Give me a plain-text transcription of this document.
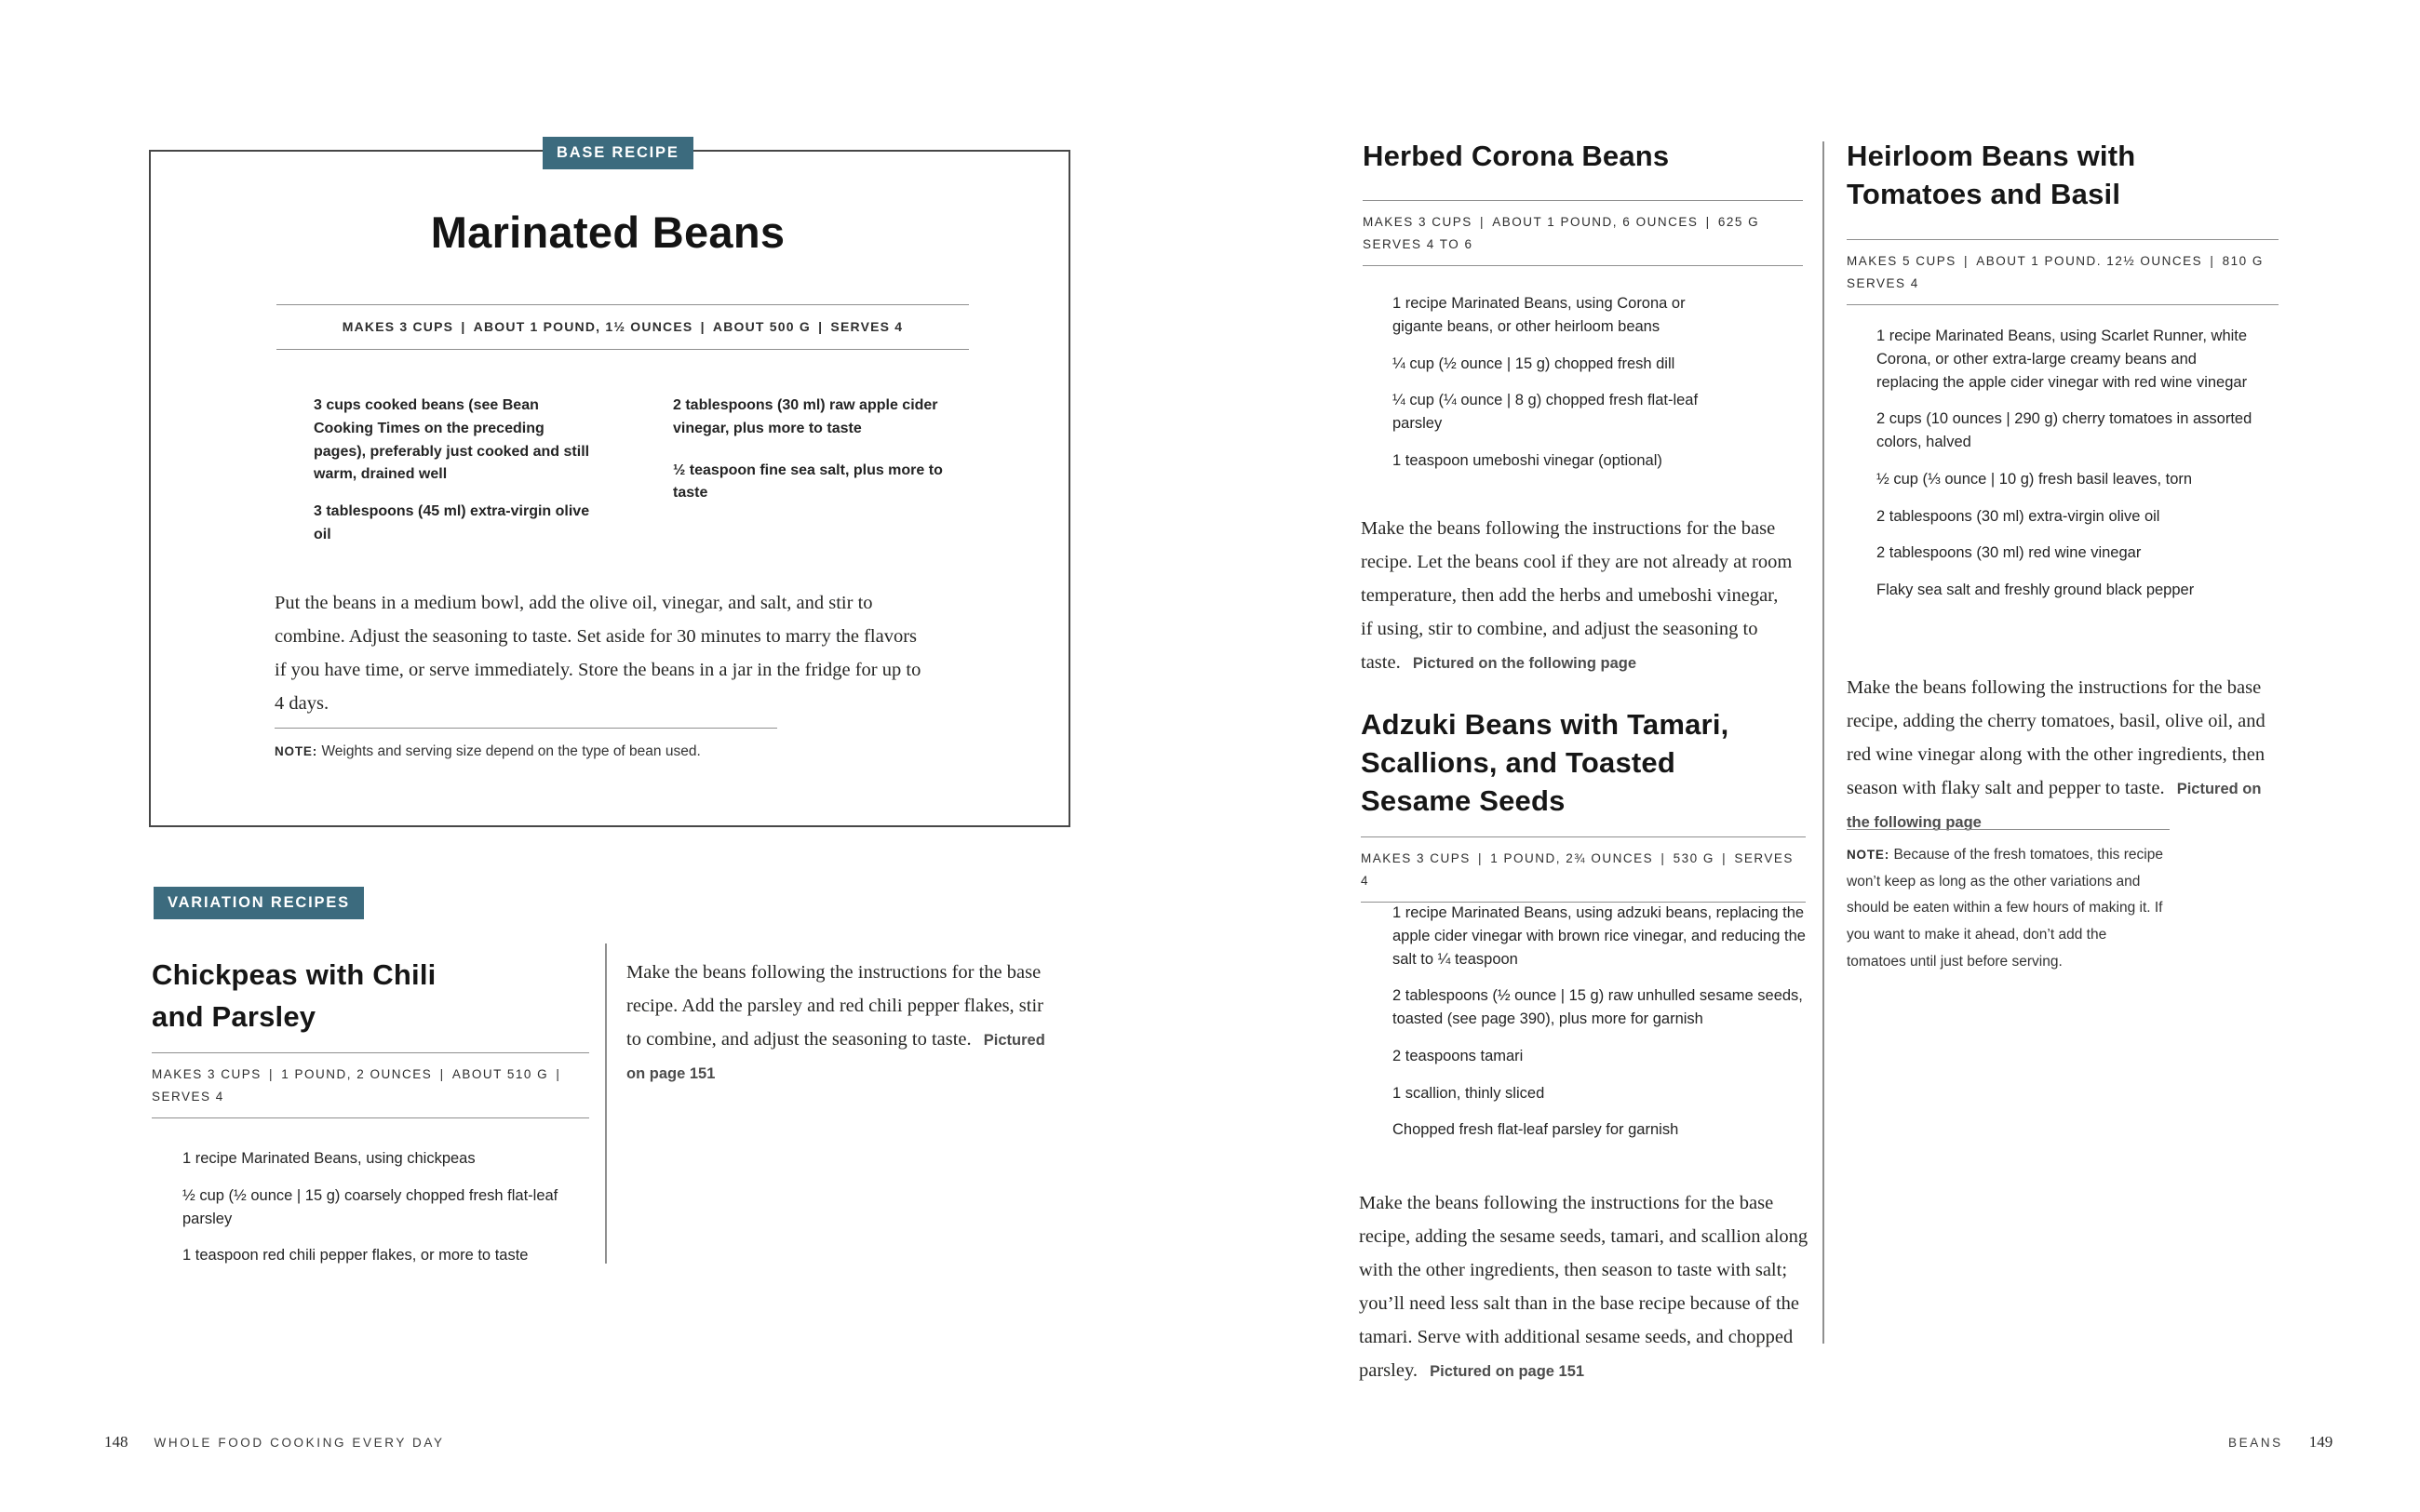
BASE RECIPE
Marinated Beans
MAKES 3 CUPS | ABOUT 1 POUND, 1½ OUNCES | ABOUT 500 G | SERVES 4
3 cups cooked beans (see Bean Cooking Times on the preceding pages), preferably just cooked and still warm, drained well
3 tablespoons (45 ml) extra-virgin olive oil
2 tablespoons (30 ml) raw apple cider vinegar, plus more to taste
½ teaspoon fine sea salt, plus more to taste
Put the beans in a medium bowl, add the olive oil, vinegar, and salt, and stir to combine. Adjust the seasoning to taste. Set aside for 30 minutes to marry the flavors if you have time, or serve immediately. Store the beans in a jar in the fridge for up to 4 days.
NOTE: Weights and serving size depend on the type of bean used.
VARIATION RECIPES
Chickpeas with Chili
and Parsley
MAKES 3 CUPS | 1 POUND, 2 OUNCES | ABOUT 510 G |
SERVES 4
1 recipe Marinated Beans, using chickpeas
½ cup (½ ounce | 15 g) coarsely chopped fresh flat-leaf parsley
1 teaspoon red chili pepper flakes, or more to taste
Make the beans following the instructions for the base recipe. Add the parsley and red chili pepper flakes, stir to combine, and adjust the seasoning to taste. Pictured on page 151
148 WHOLE FOOD COOKING EVERY DAY
Herbed Corona Beans
MAKES 3 CUPS | ABOUT 1 POUND, 6 OUNCES | 625 G
SERVES 4 TO 6
1 recipe Marinated Beans, using Corona or gigante beans, or other heirloom beans
¼ cup (½ ounce | 15 g) chopped fresh dill
¼ cup (¼ ounce | 8 g) chopped fresh flat-leaf parsley
1 teaspoon umeboshi vinegar (optional)
Make the beans following the instructions for the base recipe. Let the beans cool if they are not already at room temperature, then add the herbs and umeboshi vinegar, if using, stir to combine, and adjust the seasoning to taste. Pictured on the following page
Adzuki Beans with Tamari,
Scallions, and Toasted
Sesame Seeds
MAKES 3 CUPS | 1 POUND, 2¾ OUNCES | 530 G | SERVES 4
1 recipe Marinated Beans, using adzuki beans, replacing the apple cider vinegar with brown rice vinegar, and reducing the salt to ¼ teaspoon
2 tablespoons (½ ounce | 15 g) raw unhulled sesame seeds, toasted (see page 390), plus more for garnish
2 teaspoons tamari
1 scallion, thinly sliced
Chopped fresh flat-leaf parsley for garnish
Make the beans following the instructions for the base recipe, adding the sesame seeds, tamari, and scallion along with the other ingredients, then season to taste with salt; you’ll need less salt than in the base recipe because of the tamari. Serve with additional sesame seeds, and chopped parsley. Pictured on page 151
Heirloom Beans with
Tomatoes and Basil
MAKES 5 CUPS | ABOUT 1 POUND. 12½ OUNCES | 810 G
SERVES 4
1 recipe Marinated Beans, using Scarlet Runner, white Corona, or other extra-large creamy beans and replacing the apple cider vinegar with red wine vinegar
2 cups (10 ounces | 290 g) cherry tomatoes in assorted colors, halved
½ cup (⅓ ounce | 10 g) fresh basil leaves, torn
2 tablespoons (30 ml) extra-virgin olive oil
2 tablespoons (30 ml) red wine vinegar
Flaky sea salt and freshly ground black pepper
Make the beans following the instructions for the base recipe, adding the cherry tomatoes, basil, olive oil, and red wine vinegar along with the other ingredients, then season with flaky salt and pepper to taste. Pictured on the following page
NOTE: Because of the fresh tomatoes, this recipe won’t keep as long as the other variations and should be eaten within a few hours of making it. If you want to make it ahead, don’t add the tomatoes until just before serving.
BEANS 149
